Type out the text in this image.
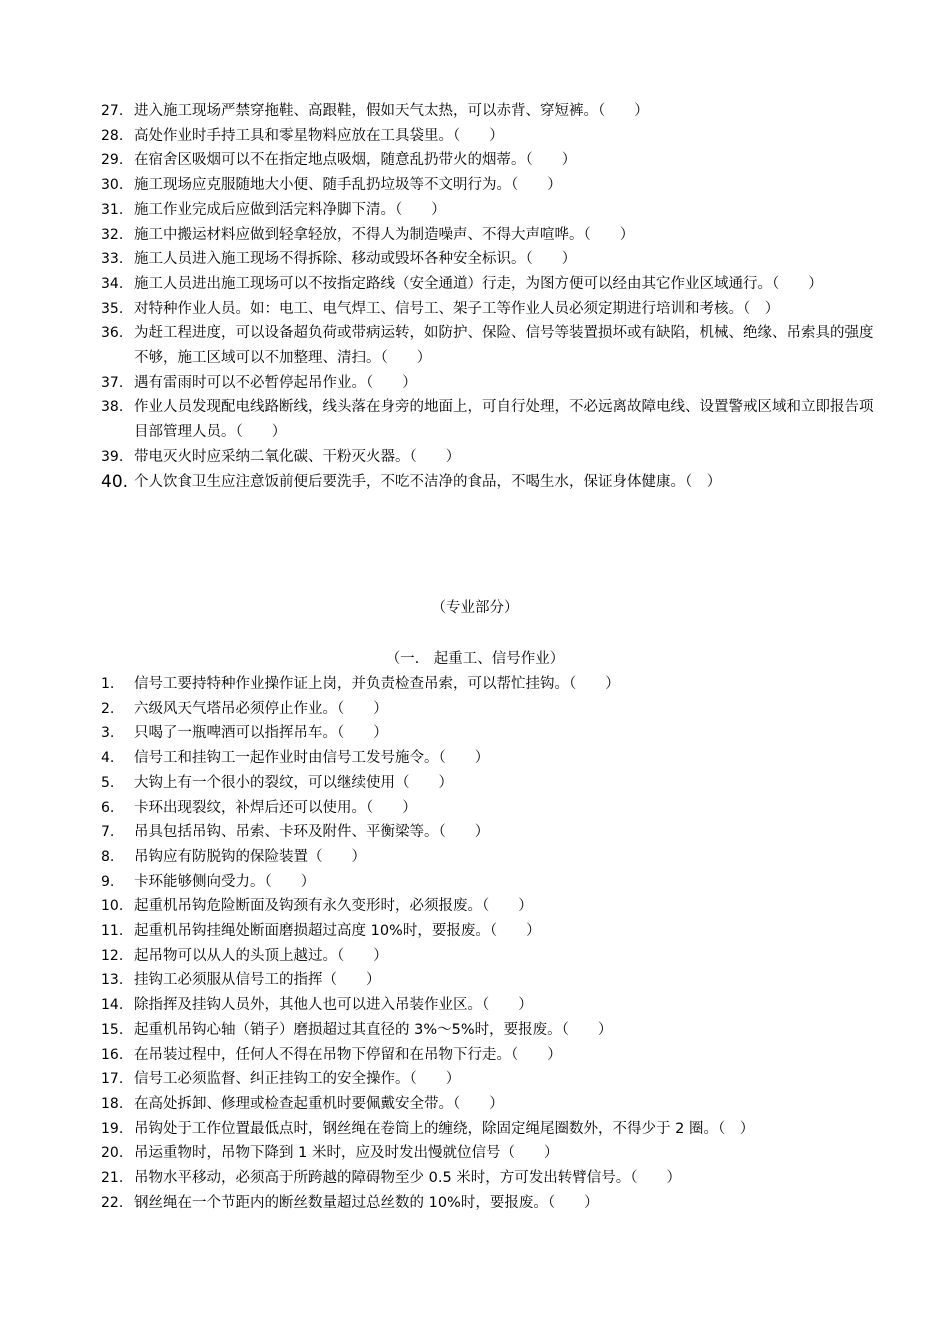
27. 进入施工现场严禁穿拖鞋、高跟鞋，假如天气太热，可以赤背、穿短裤。（　　）
28. 高处作业时手持工具和零星物料应放在工具袋里。（　　）
29. 在宿舍区吸烟可以不在指定地点吸烟，随意乱扔带火的烟蒂。（　　）
30. 施工现场应克服随地大小便、随手乱扔垃圾等不文明行为。（　　）
31. 施工作业完成后应做到活完料净脚下清。（　　）
32. 施工中搬运材料应做到轻拿轻放，不得人为制造噪声、不得大声喧哗。（　　）
33. 施工人员进入施工现场不得拆除、移动或毁坏各种安全标识。（　　）
34. 施工人员进出施工现场可以不按指定路线（安全通道）行走，为图方便可以经由其它作业区域通行。（　　）
35. 对特种作业人员。如：电工、电气焊工、信号工、架子工等作业人员必须定期进行培训和考核。（　）
36. 为赶工程进度，可以设备超负荷或带病运转，如防护、保险、信号等装置损坏或有缺陷，机械、绝缘、吊索具的强度不够，施工区域可以不加整理、清扫。（　　）
37. 遇有雷雨时可以不必暂停起吊作业。（　　）
38. 作业人员发现配电线路断线，线头落在身旁的地面上，可自行处理，不必远离故障电线、设置警戒区域和立即报告项目部管理人员。（　　）
39. 带电灭火时应采纳二氧化碳、干粉灭火器。（　　）
40. 个人饮食卫生应注意饭前便后要洗手，不吃不洁净的食品，不喝生水，保证身体健康。（　）
（专业部分）
（一.　起重工、信号作业）
1.	信号工要持特种作业操作证上岗，并负责检查吊索，可以帮忙挂钩。（　　）
2.	六级风天气塔吊必须停止作业。（　　）
3.	只喝了一瓶啤酒可以指挥吊车。（　　）
4.	信号工和挂钩工一起作业时由信号工发号施令。（　　）
5.	大钩上有一个很小的裂纹，可以继续使用（　　）
6.	卡环出现裂纹，补焊后还可以使用。（　　）
7.	吊具包括吊钩、吊索、卡环及附件、平衡梁等。（　　）
8.	吊钩应有防脱钩的保险装置（　　）
9.	卡环能够侧向受力。（　　）
10. 起重机吊钩危险断面及钩颈有永久变形时，必须报废。（　　）
11. 起重机吊钩挂绳处断面磨损超过高度 10%时，要报废。（　　）
12. 起吊物可以从人的头顶上越过。（　　）
13. 挂钩工必须服从信号工的指挥（　　）
14. 除指挥及挂钩人员外，其他人也可以进入吊装作业区。（　　）
15. 起重机吊钩心轴（销子）磨损超过其直径的 3%～5%时，要报废。（　　）
16. 在吊装过程中，任何人不得在吊物下停留和在吊物下行走。（　　）
17. 信号工必须监督、纠正挂钩工的安全操作。（　　）
18. 在高处拆卸、修理或检查起重机时要佩戴安全带。（　　）
19. 吊钩处于工作位置最低点时，钢丝绳在卷筒上的缠绕，除固定绳尾圈数外，不得少于 2 圈。（　）
20. 吊运重物时，吊物下降到 1 米时，应及时发出慢就位信号（　　）
21. 吊物水平移动，必须高于所跨越的障碍物至少 0.5 米时，方可发出转臂信号。（　　）
22. 钢丝绳在一个节距内的断丝数量超过总丝数的 10%时，要报废。（　　）
